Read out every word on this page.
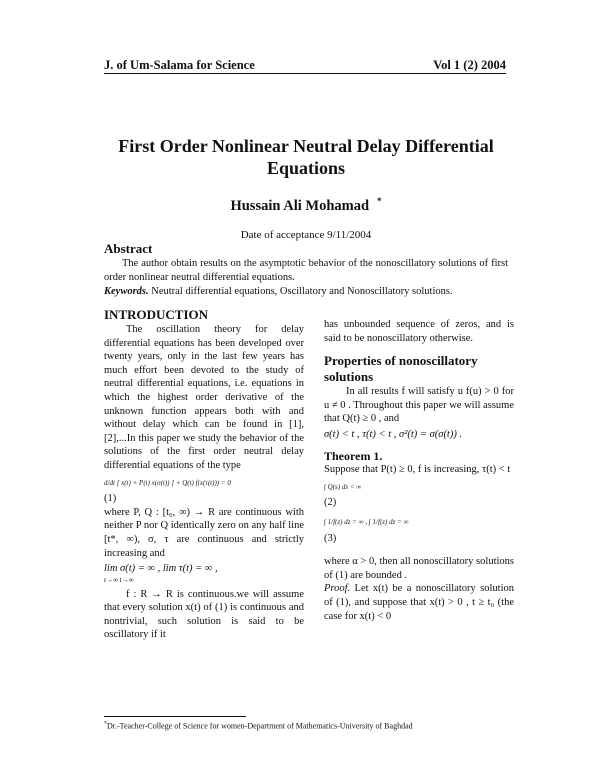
J. of Um-Salama for Science	Vol 1 (2) 2004
First Order Nonlinear Neutral Delay Differential Equations
Hussain Ali Mohamad *
Date of acceptance 9/11/2004
Abstract
The author obtain results on the asymptotic behavior of the nonoscillatory solutions of first order nonlinear neutral differential equations.
Keywords. Neutral differential equations, Oscillatory and Nonoscillatory solutions.
INTRODUCTION
The oscillation theory for delay differential equations has been developed over twenty years, only in the last few years has much effort been devoted to the study of neutral differential equations, i.e. equations in which the highest order derivative of the unknown function appears both with and without delay which can be found in [1],[2],...In this paper we study the behavior of the solutions of the first order neutral delay differential equations of the type
d/dt [ x(t) + P(t) x(σ(t)) ] + Q(t) f(x(τ(t))) = 0
(1)
where P, Q : [t₀, ∞) → R are continuous with neither P nor Q identically zero on any half line [t*, ∞), σ, τ are continuous and strictly increasing and
lim σ(t) = ∞ , lim τ(t) = ∞ ,
t→∞ t→∞
f : R → R is continuous.we will assume that every solution x(t) of (1) is continuous and nontrivial, such solution is said to be oscillatory if it
has unbounded sequence of zeros, and is said to be nonoscillatory otherwise.
Properties of nonoscillatory solutions
In all results f will satisfy u f(u) > 0 for u ≠ 0 . Throughout this paper we will assume that Q(t) ≥ 0 , and
σ(t) < t , τ(t) < t , σ²(t) = σ(σ(t)) .
Theorem 1.
Suppose that P(t) ≥ 0, f is increasing, τ(t) < t
∫ Q(s) ds < ∞
(2)
∫ 1/f(z) dz = ∞ , ∫ 1/f(z) dz = ∞
(3)
where α > 0, then all nonoscillatory solutions of (1) are bounded .
Proof. Let x(t) be a nonoscillatory solution of (1), and suppose that x(t) > 0 , t ≥ t₀ (the case for x(t) < 0
*Dr.-Teacher-College of Science for women-Department of Mathematics-University of Baghdad
